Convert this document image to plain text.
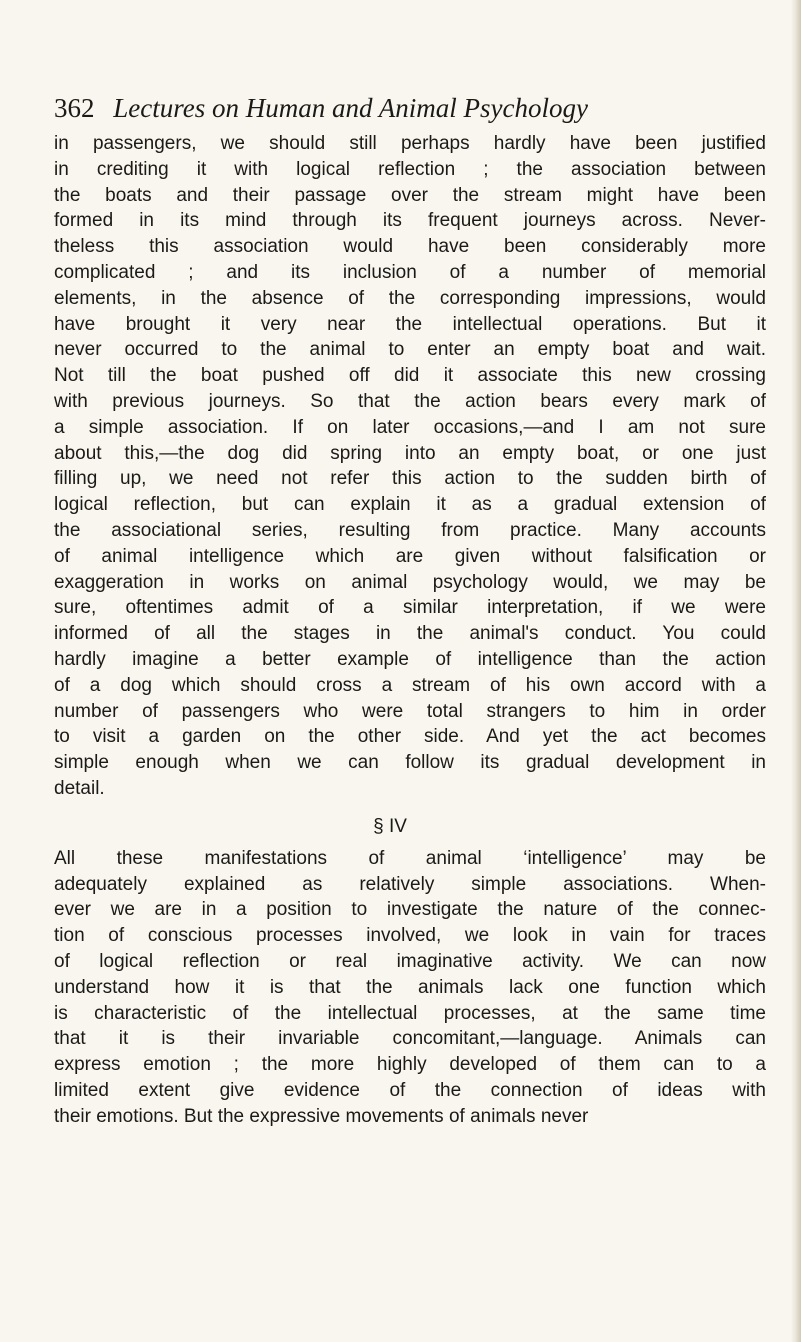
362 Lectures on Human and Animal Psychology
in passengers, we should still perhaps hardly have been justified
in crediting it with logical reflection ; the association between
the boats and their passage over the stream might have been
formed in its mind through its frequent journeys across. Never-
theless this association would have been considerably more
complicated ; and its inclusion of a number of memorial
elements, in the absence of the corresponding impressions, would
have brought it very near the intellectual operations. But it
never occurred to the animal to enter an empty boat and wait.
Not till the boat pushed off did it associate this new crossing
with previous journeys. So that the action bears every mark of
a simple association. If on later occasions,—and I am not sure
about this,—the dog did spring into an empty boat, or one just
filling up, we need not refer this action to the sudden birth of
logical reflection, but can explain it as a gradual extension of
the associational series, resulting from practice. Many accounts
of animal intelligence which are given without falsification or
exaggeration in works on animal psychology would, we may be
sure, oftentimes admit of a similar interpretation, if we were
informed of all the stages in the animal's conduct. You could
hardly imagine a better example of intelligence than the action
of a dog which should cross a stream of his own accord with a
number of passengers who were total strangers to him in order
to visit a garden on the other side. And yet the act becomes
simple enough when we can follow its gradual development in
detail.
§ IV
All these manifestations of animal ‘intelligence’ may be
adequately explained as relatively simple associations. When-
ever we are in a position to investigate the nature of the connec-
tion of conscious processes involved, we look in vain for traces
of logical reflection or real imaginative activity. We can now
understand how it is that the animals lack one function which
is characteristic of the intellectual processes, at the same time
that it is their invariable concomitant,—language. Animals can
express emotion ; the more highly developed of them can to a
limited extent give evidence of the connection of ideas with
their emotions. But the expressive movements of animals never
